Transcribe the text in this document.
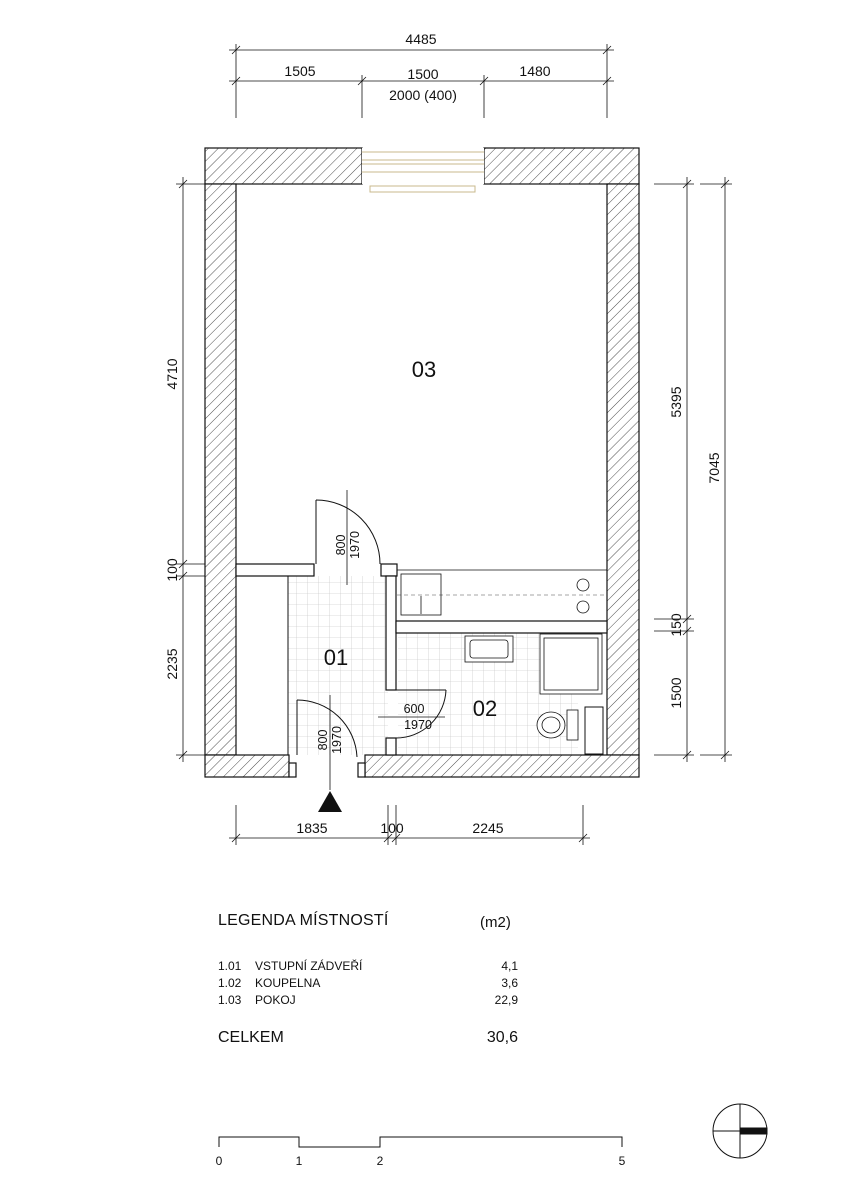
4485
1505	1500	1480
2000 (400)
4710
100
2235
5395
150
1500
7045
1835	100	2245
800 1970
600
1970
800 1970
03
01
02
0	1	2	5
LEGENDA MÍSTNOSTÍ	(m2)
1.01 VSTUPNÍ ZÁDVEŘÍ	4,1
1.02 KOUPELNA	3,6
1.03 POKOJ	22,9
CELKEM	30,6
